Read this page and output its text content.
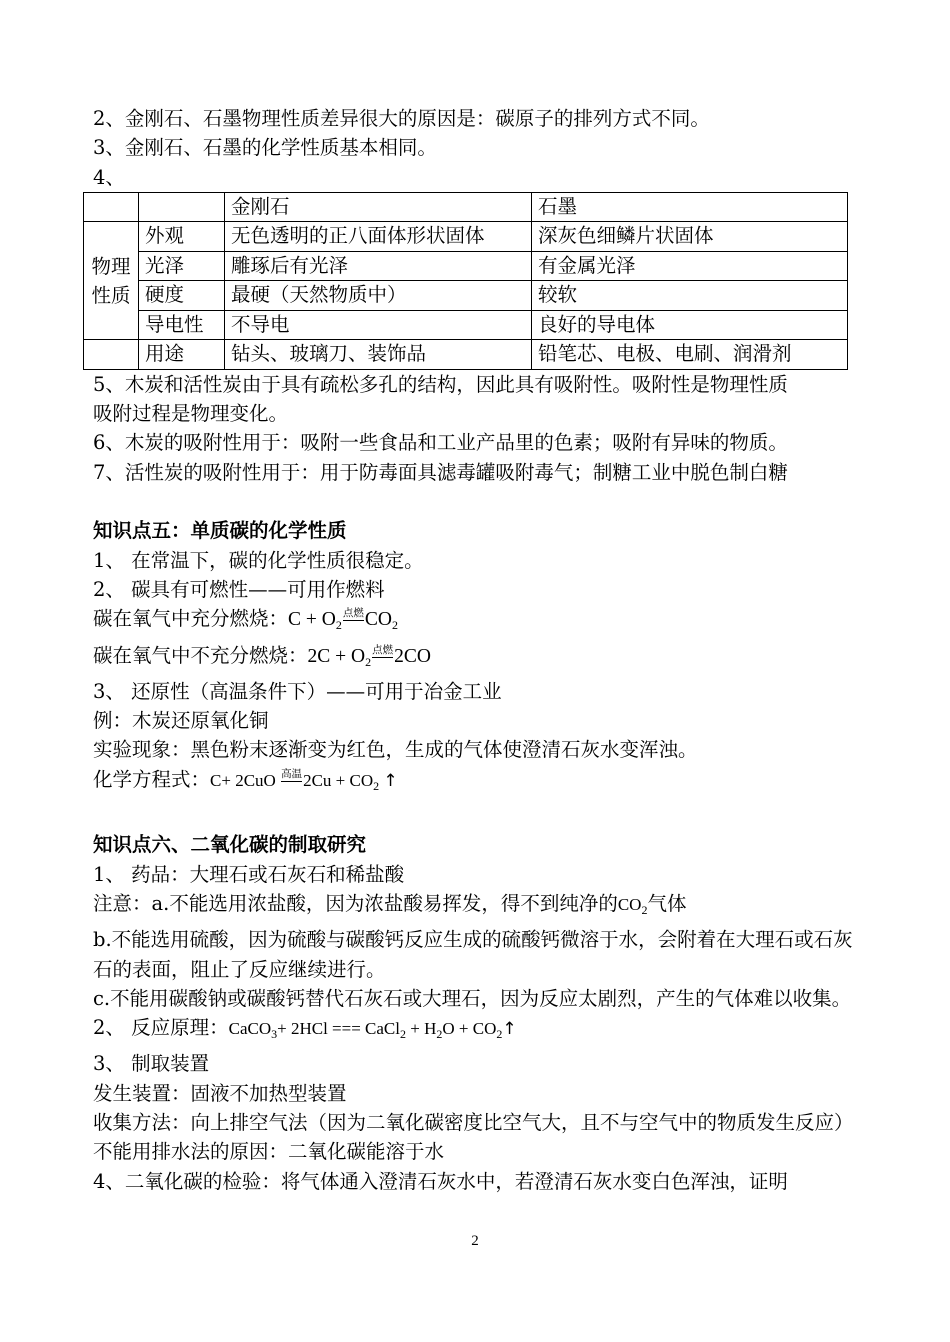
2、金刚石、石墨物理性质差异很大的原因是：碳原子的排列方式不同。
3、金刚石、石墨的化学性质基本相同。
4、
		金刚石	石墨
物理性质	外观	无色透明的正八面体形状固体	深灰色细鳞片状固体
	光泽	雕琢后有光泽	有金属光泽
	硬度	最硬（天然物质中）	较软
	导电性	不导电	良好的导电体
	用途	钻头、玻璃刀、装饰品	铅笔芯、电极、电刷、润滑剂
5、木炭和活性炭由于具有疏松多孔的结构，因此具有吸附性。吸附性是物理性质
吸附过程是物理变化。
6、木炭的吸附性用于：吸附一些食品和工业产品里的色素；吸附有异味的物质。
7、活性炭的吸附性用于：用于防毒面具滤毒罐吸附毒气；制糖工业中脱色制白糖
知识点五：单质碳的化学性质
1、 在常温下，碳的化学性质很稳定。
2、 碳具有可燃性——可用作燃料
碳在氧气中充分燃烧：$C + O_2$点燃$CO_2$
碳在氧气中不充分燃烧：$2C + O_2$点燃2CO
3、 还原性（高温条件下）——可用于冶金工业
例：木炭还原氧化铜
实验现象：黑色粉末逐渐变为红色，生成的气体使澄清石灰水变浑浊。
化学方程式：C+ 2CuO 高温$2Cu + CO_2$ ↑
知识点六、二氧化碳的制取研究
1、 药品：大理石或石灰石和稀盐酸
注意：a.不能选用浓盐酸，因为浓盐酸易挥发，得不到纯净的$CO_2$气体
b.不能选用硫酸，因为硫酸与碳酸钙反应生成的硫酸钙微溶于水，会附着在大理石或石灰石的表面，阻止了反应继续进行。
c.不能用碳酸钠或碳酸钙替代石灰石或大理石，因为反应太剧烈，产生的气体难以收集。
2、 反应原理：CaCO$_3$+ 2HCl === CaCl$_2$ + $H_2O$ + $CO_2↑$
3、 制取装置
发生装置：固液不加热型装置
收集方法：向上排空气法（因为二氧化碳密度比空气大，且不与空气中的物质发生反应）
不能用排水法的原因：二氧化碳能溶于水
4、二氧化碳的检验：将气体通入澄清石灰水中，若澄清石灰水变白色浑浊，证明
2
